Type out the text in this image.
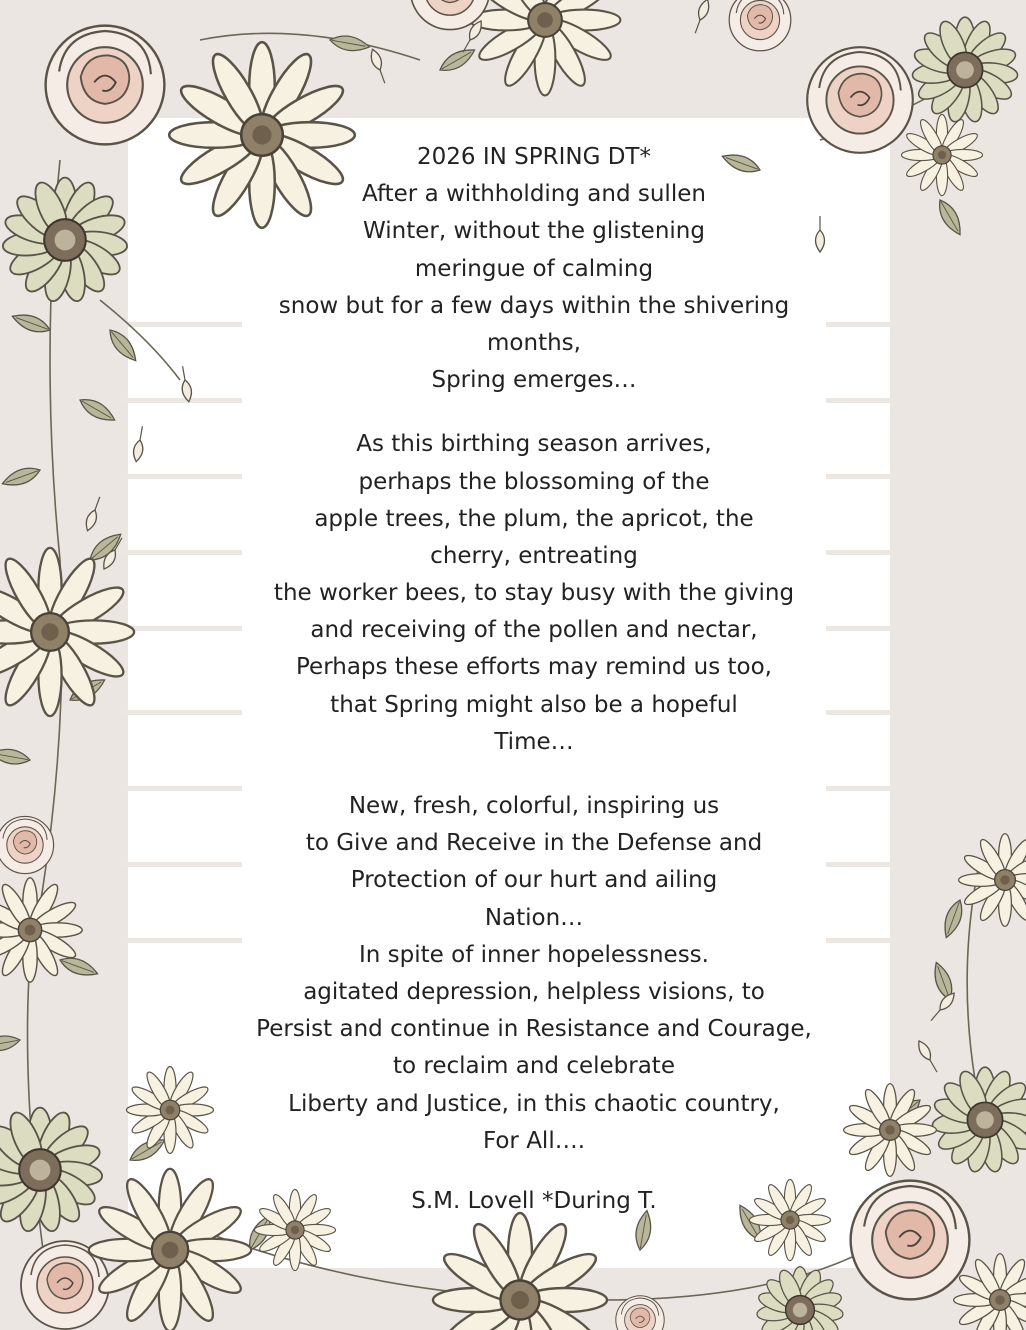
2026 IN SPRING DT*
After a withholding and sullen
Winter, without the glistening
meringue of calming
snow but for a few days within the shivering
months,
Spring emerges…
As this birthing season arrives,
perhaps the blossoming of the
apple trees, the plum, the apricot, the
cherry, entreating
the worker bees, to stay busy with the giving
and receiving of the pollen and nectar,
Perhaps these efforts may remind us too,
that Spring might also be a hopeful
Time…
New, fresh, colorful, inspiring us
to Give and Receive in the Defense and
Protection of our hurt and ailing
Nation…
In spite of inner hopelessness.
agitated depression, helpless visions, to
Persist and continue in Resistance and Courage,
to reclaim and celebrate
Liberty and Justice, in this chaotic country,
For All….
S.M. Lovell *During T.
